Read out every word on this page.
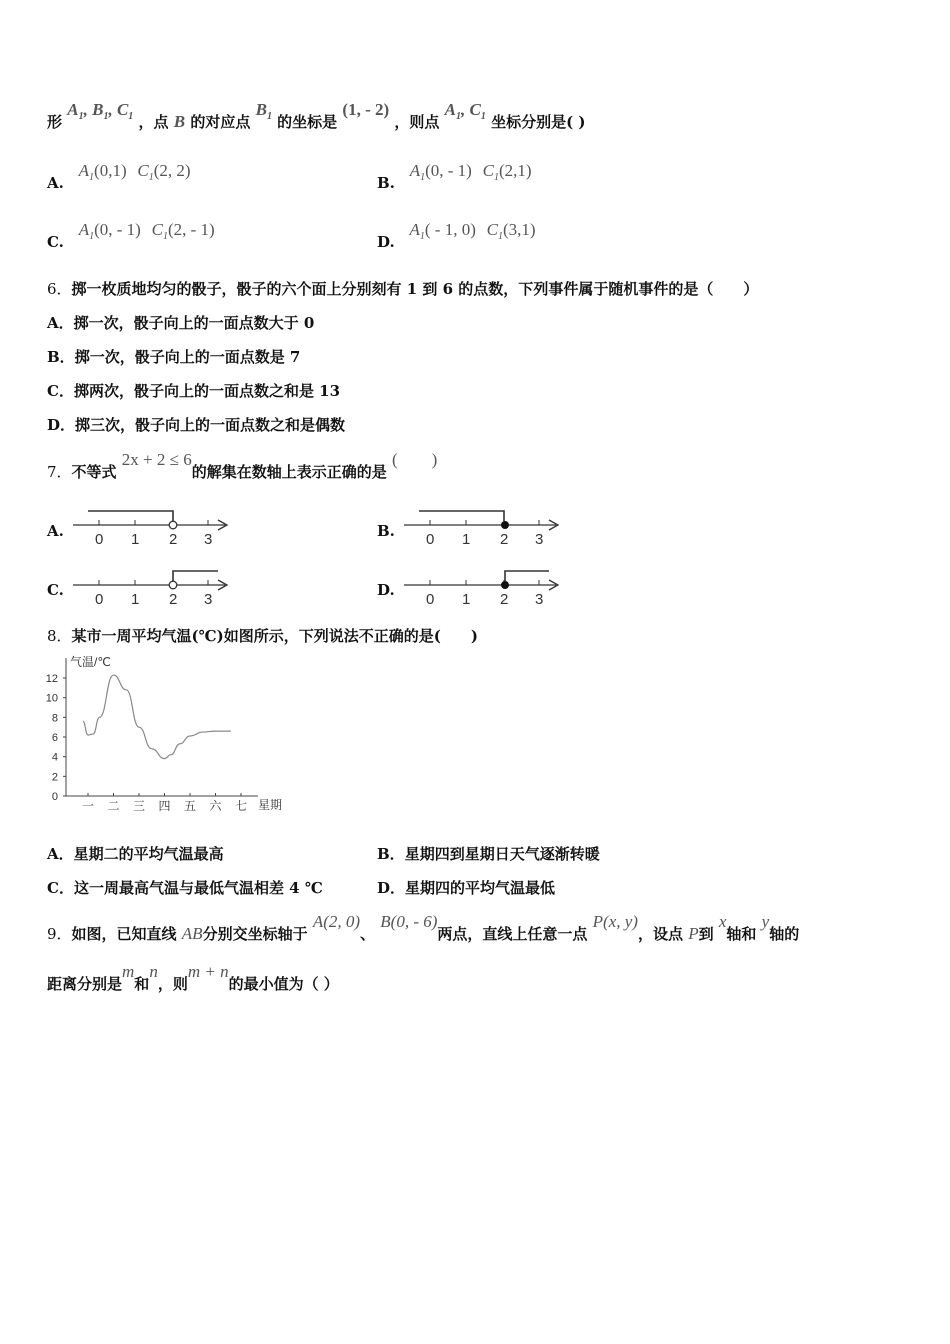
形 $A_1$, $B_1$, $C_1$ ，点 B 的对应点 $B_1$ 的坐标是 (1, - 2) ，则点 $A_1$, $C_1$ 坐标分别是( )
A. $A_1(0,1)$ $C_1(2$, 2)
B. $A_1(0$, - 1) $C_1(2,1)$
C. $A_1(0$, - 1) $C_1(2$, - 1)
D. $A_1( - 1$, 0) $C_1(3,1)$
6．掷一枚质地均匀的骰子，骰子的六个面上分别刻有 1 到 6 的点数，下列事件属于随机事件的是（　　）
A．掷一次，骰子向上的一面点数大于 0
B．掷一次，骰子向上的一面点数是 7
C．掷两次，骰子向上的一面点数之和是 13
D．掷三次，骰子向上的一面点数之和是偶数
7．不等式 2x + 2 ≤ 6的解集在数轴上表示正确的是 (　　)
A.	B.
C.	D.
0 1 2 3	0 1 2 3
0 1 2 3	0 1 2 3
8．某市一周平均气温(℃)如图所示，下列说法不正确的是(　　)
气温/℃
星期
0
2
4
6
8
10
12
一 二 三 四 五 六 七
A．星期二的平均气温最高	B．星期四到星期日天气逐渐转暖
C．这一周最高气温与最低气温相差 4 ℃	D．星期四的平均气温最低
9．如图，已知直线 AB分别交坐标轴于 A(2, 0)、 B(0, - 6)两点，直线上任意一点 P(x, y)，设点 P到 x轴和 y轴的
距离分别是m和n，则m + n的最小值为（ ）
